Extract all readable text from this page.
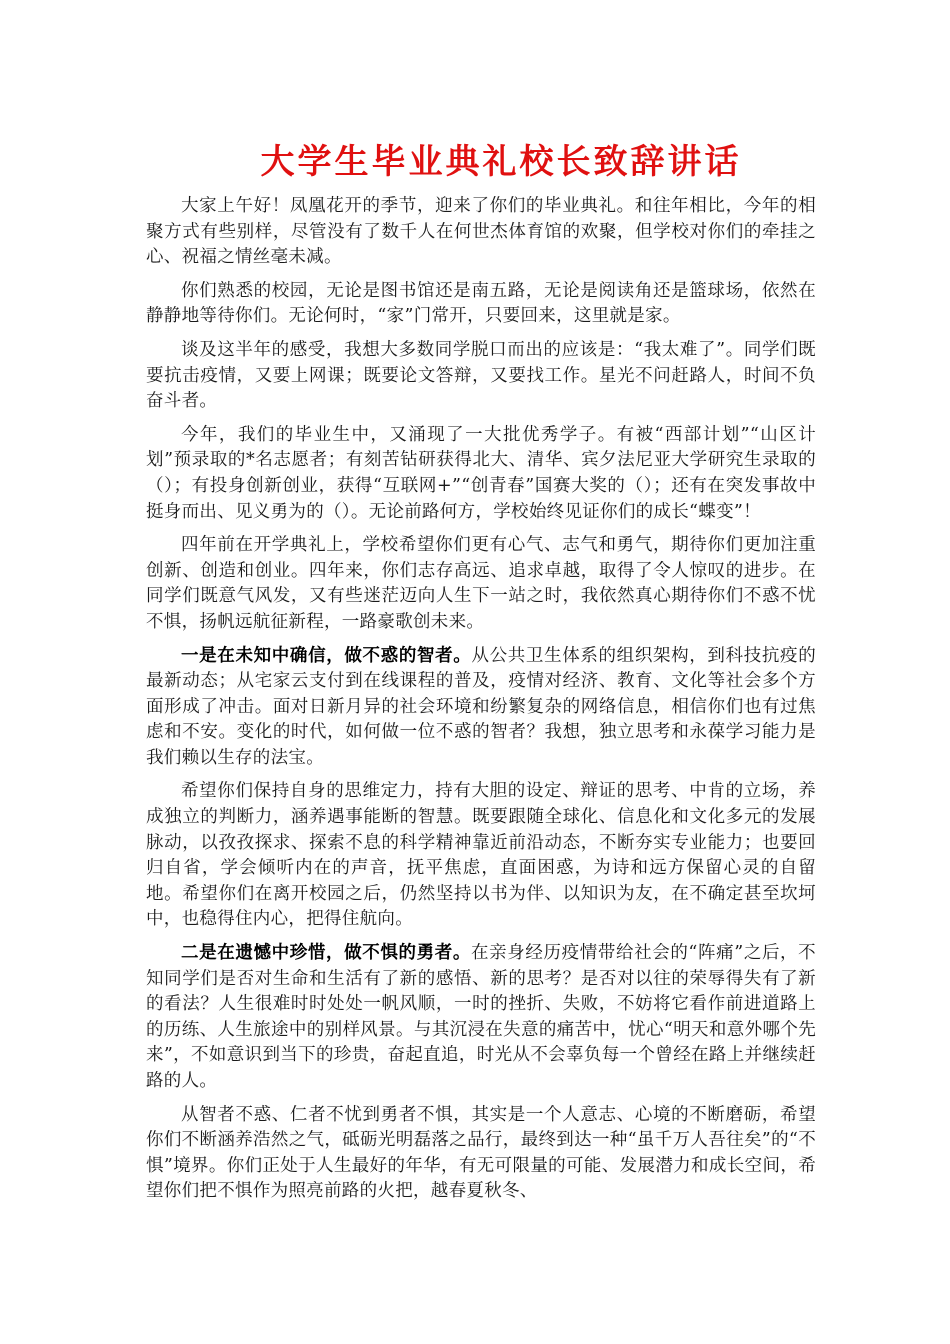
大学生毕业典礼校长致辞讲话

大家上午好！凤凰花开的季节，迎来了你们的毕业典礼。和往年相比，今年的相聚方式有些别样，尽管没有了数千人在何世杰体育馆的欢聚，但学校对你们的牵挂之心、祝福之情丝毫未减。

你们熟悉的校园，无论是图书馆还是南五路，无论是阅读角还是篮球场，依然在静静地等待你们。无论何时，“家”门常开，只要回来，这里就是家。

谈及这半年的感受，我想大多数同学脱口而出的应该是：“我太难了”。同学们既要抗击疫情，又要上网课；既要论文答辩，又要找工作。星光不问赶路人，时间不负奋斗者。

今年，我们的毕业生中，又涌现了一大批优秀学子。有被“西部计划”“山区计划”预录取的*名志愿者；有刻苦钻研获得北大、清华、宾夕法尼亚大学研究生录取的（）；有投身创新创业，获得“互联网+”“创青春”国赛大奖的（）；还有在突发事故中挺身而出、见义勇为的（）。无论前路何方，学校始终见证你们的成长“蝶变”！

四年前在开学典礼上，学校希望你们更有心气、志气和勇气，期待你们更加注重创新、创造和创业。四年来，你们志存高远、追求卓越，取得了令人惊叹的进步。在同学们既意气风发，又有些迷茫迈向人生下一站之时，我依然真心期待你们不惑不忧不惧，扬帆远航征新程，一路豪歌创未来。

一是在未知中确信，做不惑的智者。从公共卫生体系的组织架构，到科技抗疫的最新动态；从宅家云支付到在线课程的普及，疫情对经济、教育、文化等社会多个方面形成了冲击。面对日新月异的社会环境和纷繁复杂的网络信息，相信你们也有过焦虑和不安。变化的时代，如何做一位不惑的智者？我想，独立思考和永葆学习能力是我们赖以生存的法宝。

希望你们保持自身的思维定力，持有大胆的设定、辩证的思考、中肯的立场，养成独立的判断力，涵养遇事能断的智慧。既要跟随全球化、信息化和文化多元的发展脉动，以孜孜探求、探索不息的科学精神靠近前沿动态，不断夯实专业能力；也要回归自省，学会倾听内在的声音，抚平焦虑，直面困惑，为诗和远方保留心灵的自留地。希望你们在离开校园之后，仍然坚持以书为伴、以知识为友，在不确定甚至坎坷中，也稳得住内心，把得住航向。

二是在遗憾中珍惜，做不惧的勇者。在亲身经历疫情带给社会的“阵痛”之后，不知同学们是否对生命和生活有了新的感悟、新的思考？是否对以往的荣辱得失有了新的看法？人生很难时时处处一帆风顺，一时的挫折、失败，不妨将它看作前进道路上的历练、人生旅途中的别样风景。与其沉浸在失意的痛苦中，忧心“明天和意外哪个先来”，不如意识到当下的珍贵，奋起直追，时光从不会辜负每一个曾经在路上并继续赶路的人。

从智者不惑、仁者不忧到勇者不惧，其实是一个人意志、心境的不断磨砺，希望你们不断涵养浩然之气，砥砺光明磊落之品行，最终到达一种“虽千万人吾往矣”的“不惧”境界。你们正处于人生最好的年华，有无可限量的可能、发展潜力和成长空间，希望你们把不惧作为照亮前路的火把，越春夏秋冬、
